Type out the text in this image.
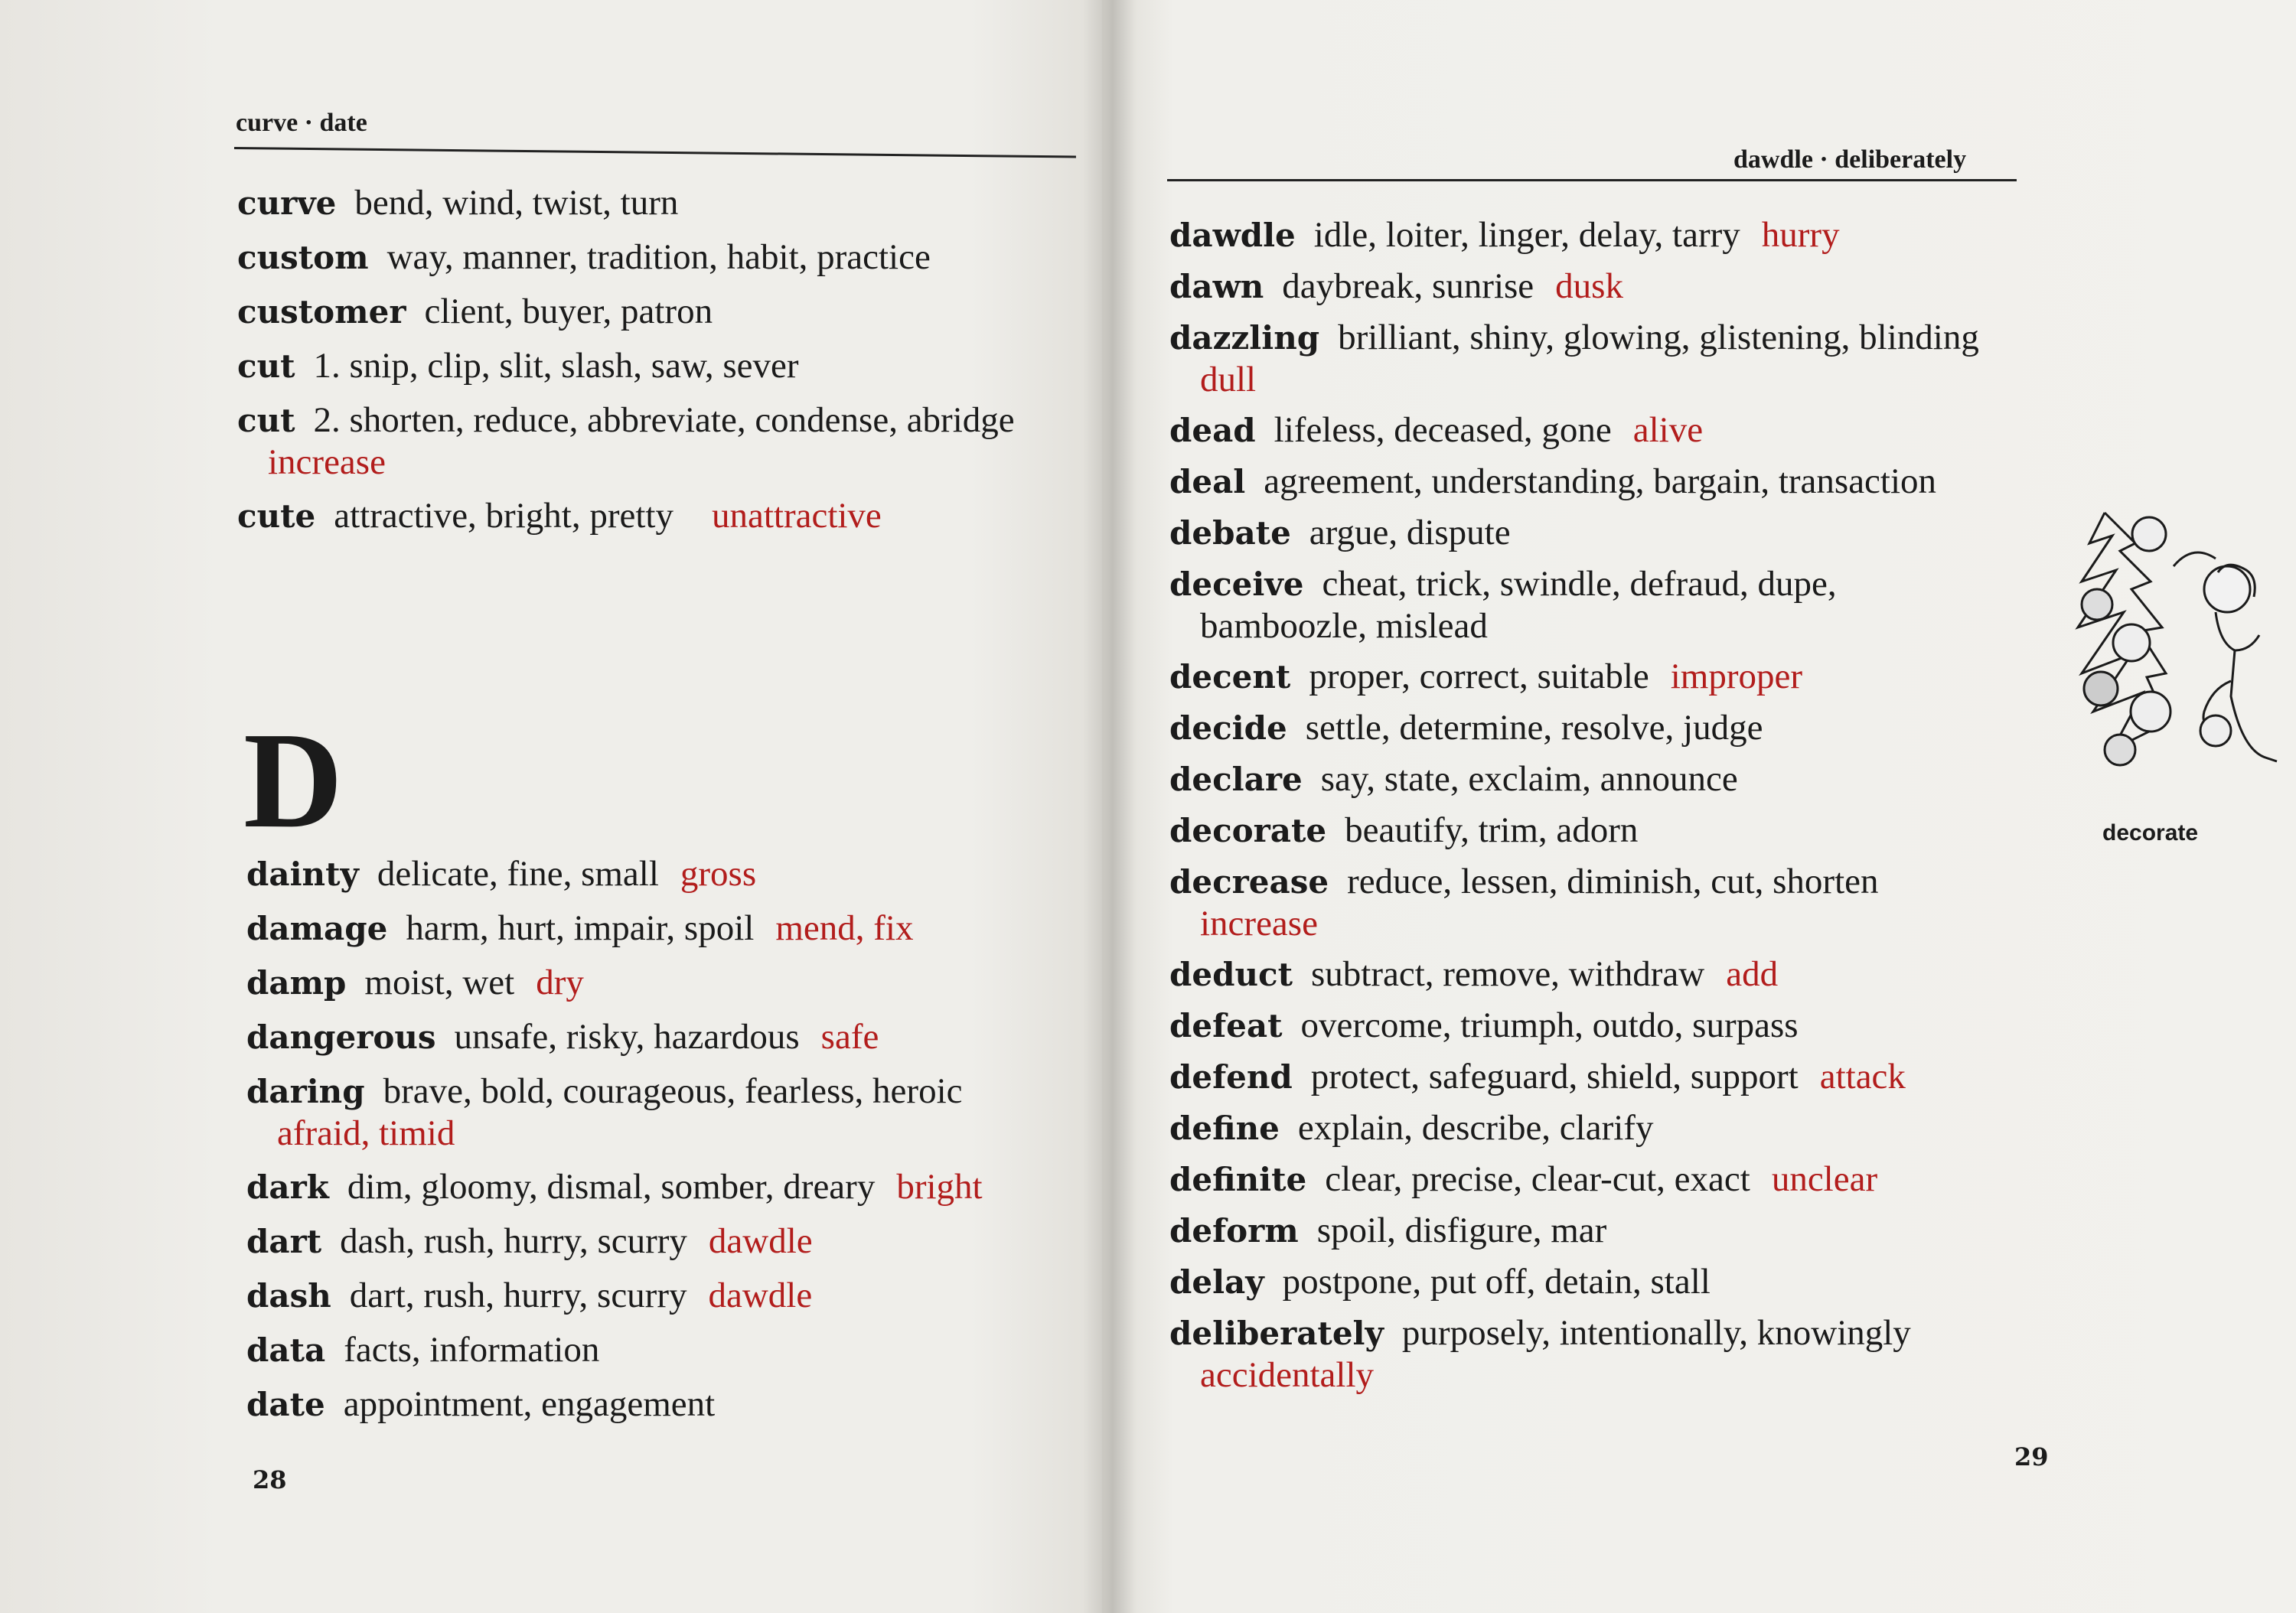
curve · date
curve bend, wind, twist, turn
custom way, manner, tradition, habit, practice
customer client, buyer, patron
cut 1. snip, clip, slit, slash, saw, sever
cut 2. shorten, reduce, abbreviate, condense, abridge
increase
cute attractive, bright, pretty unattractive
D
dainty delicate, fine, small gross
damage harm, hurt, impair, spoil mend, fix
damp moist, wet dry
dangerous unsafe, risky, hazardous safe
daring brave, bold, courageous, fearless, heroic
afraid, timid
dark dim, gloomy, dismal, somber, dreary bright
dart dash, rush, hurry, scurry dawdle
dash dart, rush, hurry, scurry dawdle
data facts, information
date appointment, engagement
28
dawdle · deliberately
dawdle idle, loiter, linger, delay, tarry hurry
dawn daybreak, sunrise dusk
dazzling brilliant, shiny, glowing, glistening, blinding
dull
dead lifeless, deceased, gone alive
deal agreement, understanding, bargain, transaction
debate argue, dispute
deceive cheat, trick, swindle, defraud, dupe, bamboozle, mislead
decent proper, correct, suitable improper
decide settle, determine, resolve, judge
declare say, state, exclaim, announce
decorate beautify, trim, adorn
decrease reduce, lessen, diminish, cut, shorten
increase
deduct subtract, remove, withdraw add
defeat overcome, triumph, outdo, surpass
defend protect, safeguard, shield, support attack
define explain, describe, clarify
definite clear, precise, clear-cut, exact unclear
deform spoil, disfigure, mar
delay postpone, put off, detain, stall
deliberately purposely, intentionally, knowingly
accidentally
decorate
29
